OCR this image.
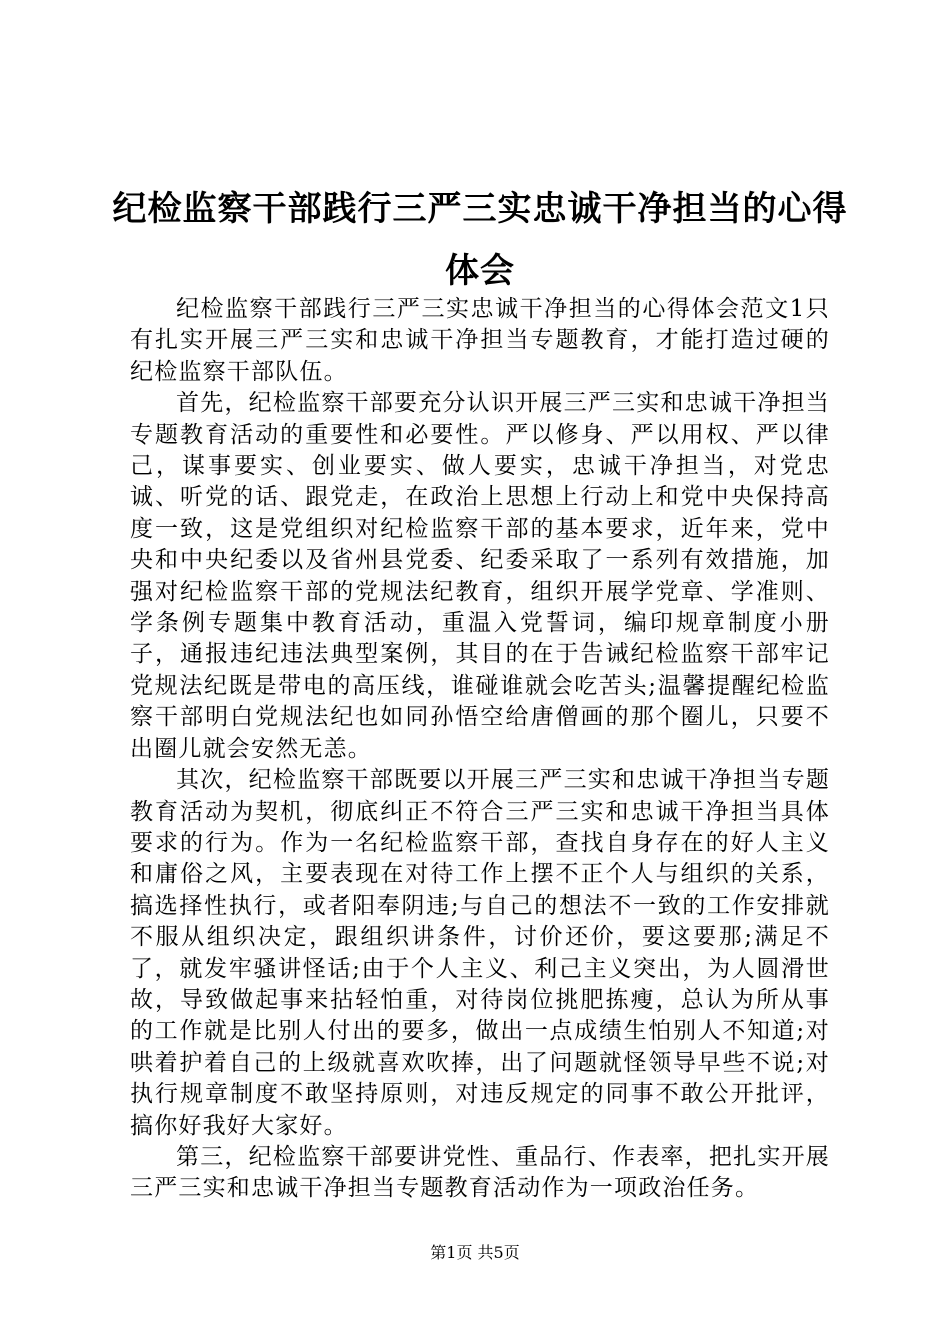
纪检监察干部践行三严三实忠诚干净担当的心得体会

纪检监察干部践行三严三实忠诚干净担当的心得体会范文1只有扎实开展三严三实和忠诚干净担当专题教育，才能打造过硬的纪检监察干部队伍。

首先，纪检监察干部要充分认识开展三严三实和忠诚干净担当专题教育活动的重要性和必要性。严以修身、严以用权、严以律己，谋事要实、创业要实、做人要实，忠诚干净担当，对党忠诚、听党的话、跟党走，在政治上思想上行动上和党中央保持高度一致，这是党组织对纪检监察干部的基本要求，近年来，党中央和中央纪委以及省州县党委、纪委采取了一系列有效措施，加强对纪检监察干部的党规法纪教育，组织开展学党章、学准则、学条例专题集中教育活动，重温入党誓词，编印规章制度小册子，通报违纪违法典型案例，其目的在于告诫纪检监察干部牢记党规法纪既是带电的高压线，谁碰谁就会吃苦头;温馨提醒纪检监察干部明白党规法纪也如同孙悟空给唐僧画的那个圈儿，只要不出圈儿就会安然无恙。

其次，纪检监察干部既要以开展三严三实和忠诚干净担当专题教育活动为契机，彻底纠正不符合三严三实和忠诚干净担当具体要求的行为。作为一名纪检监察干部，查找自身存在的好人主义和庸俗之风，主要表现在对待工作上摆不正个人与组织的关系，搞选择性执行，或者阳奉阴违;与自己的想法不一致的工作安排就不服从组织决定，跟组织讲条件，讨价还价，要这要那;满足不了，就发牢骚讲怪话;由于个人主义、利己主义突出，为人圆滑世故，导致做起事来拈轻怕重，对待岗位挑肥拣瘦，总认为所从事的工作就是比别人付出的要多，做出一点成绩生怕别人不知道;对哄着护着自己的上级就喜欢吹捧，出了问题就怪领导早些不说;对执行规章制度不敢坚持原则，对违反规定的同事不敢公开批评，搞你好我好大家好。

第三，纪检监察干部要讲党性、重品行、作表率，把扎实开展三严三实和忠诚干净担当专题教育活动作为一项政治任务。

第1页 共5页
